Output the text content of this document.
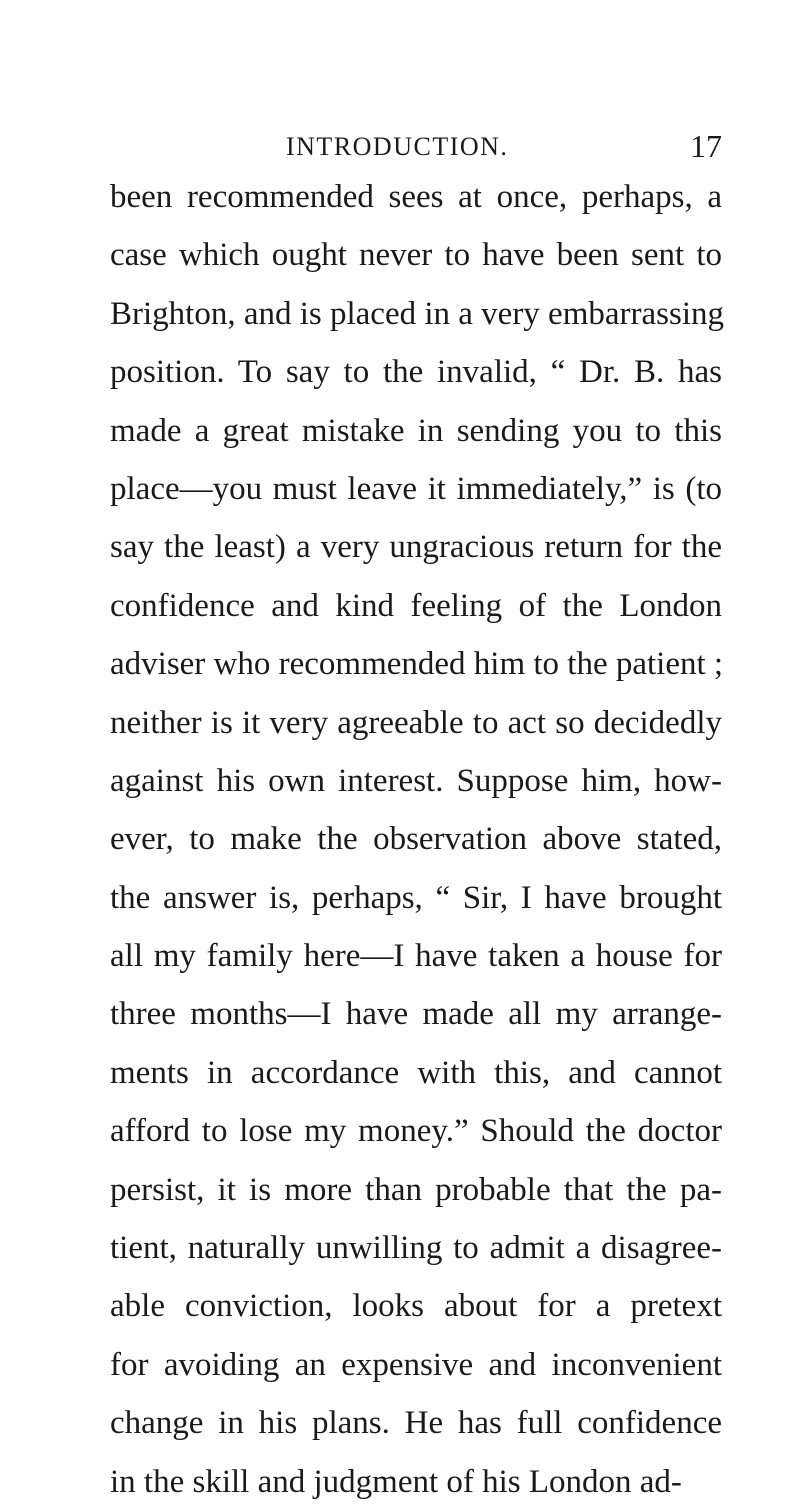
INTRODUCTION.	17
been recommended sees at once, perhaps, a
case which ought never to have been sent to
Brighton, and is placed in a very embarrassing
position. To say to the invalid, “ Dr. B. has
made a great mistake in sending you to this
place—you must leave it immediately,” is (to
say the least) a very ungracious return for the
confidence and kind feeling of the London
adviser who recommended him to the patient ;
neither is it very agreeable to act so decidedly
against his own interest. Suppose him, how-
ever, to make the observation above stated,
the answer is, perhaps, “ Sir, I have brought
all my family here—I have taken a house for
three months—I have made all my arrange-
ments in accordance with this, and cannot
afford to lose my money.” Should the doctor
persist, it is more than probable that the pa-
tient, naturally unwilling to admit a disagree-
able conviction, looks about for a pretext
for avoiding an expensive and inconvenient
change in his plans. He has full confidence
in the skill and judgment of his London ad-
